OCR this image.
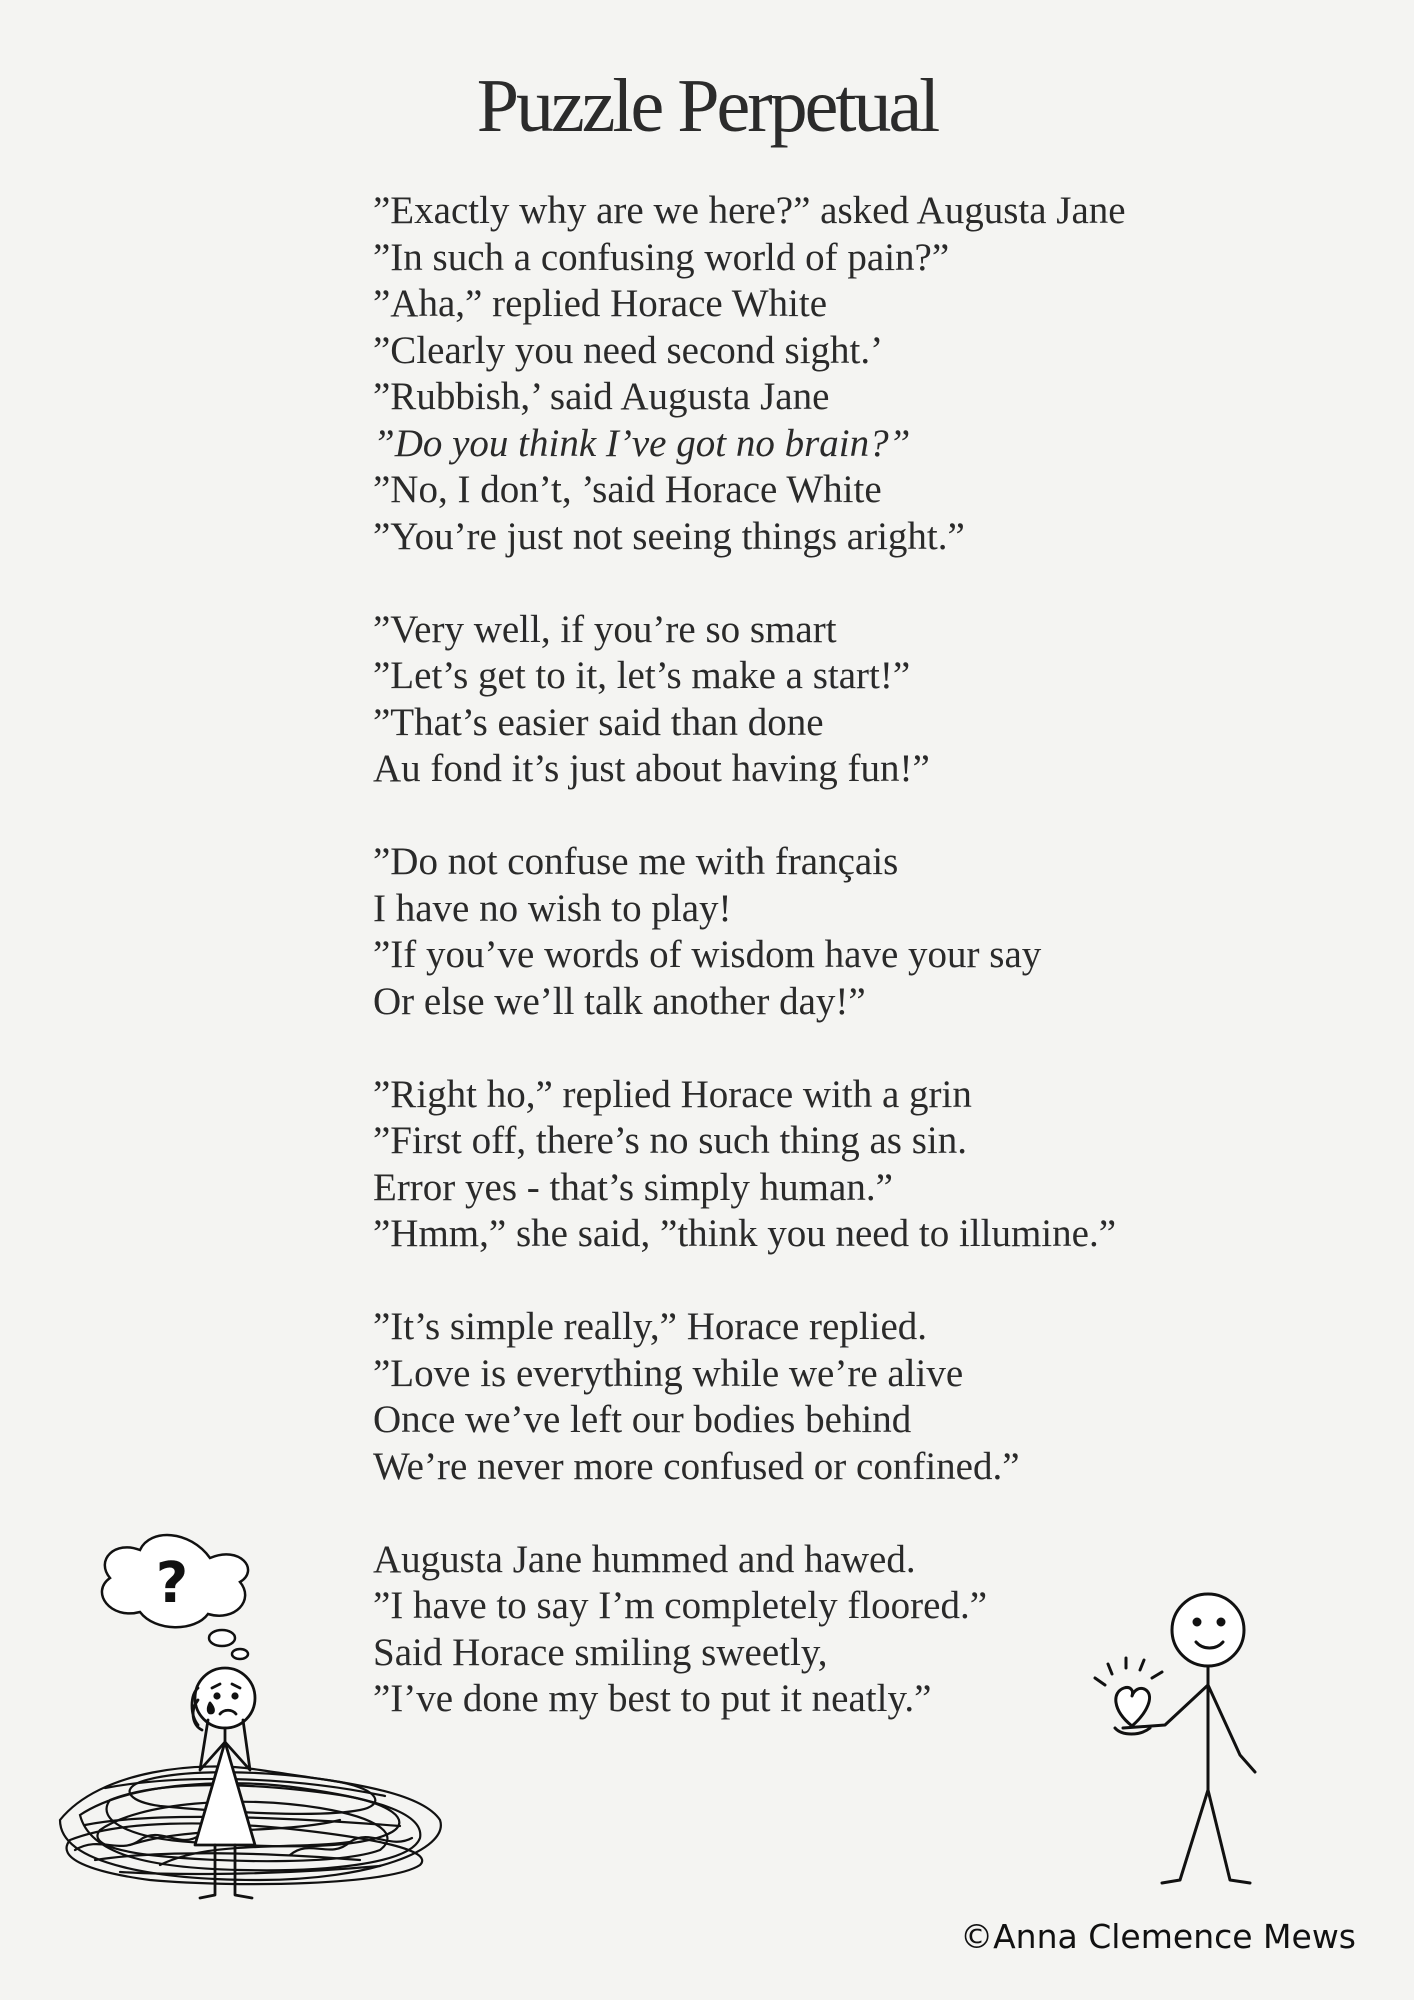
Puzzle Perpetual
”Exactly why are we here?” asked Augusta Jane
”In such a confusing world of pain?”
”Aha,” replied Horace White
”Clearly you need second sight.’
”Rubbish,’ said Augusta Jane
”Do you think I’ve got no brain?”
”No, I don’t, ’said Horace White
”You’re just not seeing things aright.”
”Very well, if you’re so smart
”Let’s get to it, let’s make a start!”
”That’s easier said than done
Au fond it’s just about having fun!”
”Do not confuse me with français
I have no wish to play!
”If you’ve words of wisdom have your say
Or else we’ll talk another day!”
”Right ho,” replied Horace with a grin
”First off, there’s no such thing as sin.
Error yes - that’s simply human.”
”Hmm,” she said, ”think you need to illumine.”
”It’s simple really,” Horace replied.
”Love is everything while we’re alive
Once we’ve left our bodies behind
We’re never more confused or confined.”
Augusta Jane hummed and hawed.
”I have to say I’m completely floored.”
Said Horace smiling sweetly,
”I’ve done my best to put it neatly.”
?
©Anna Clemence Mews
